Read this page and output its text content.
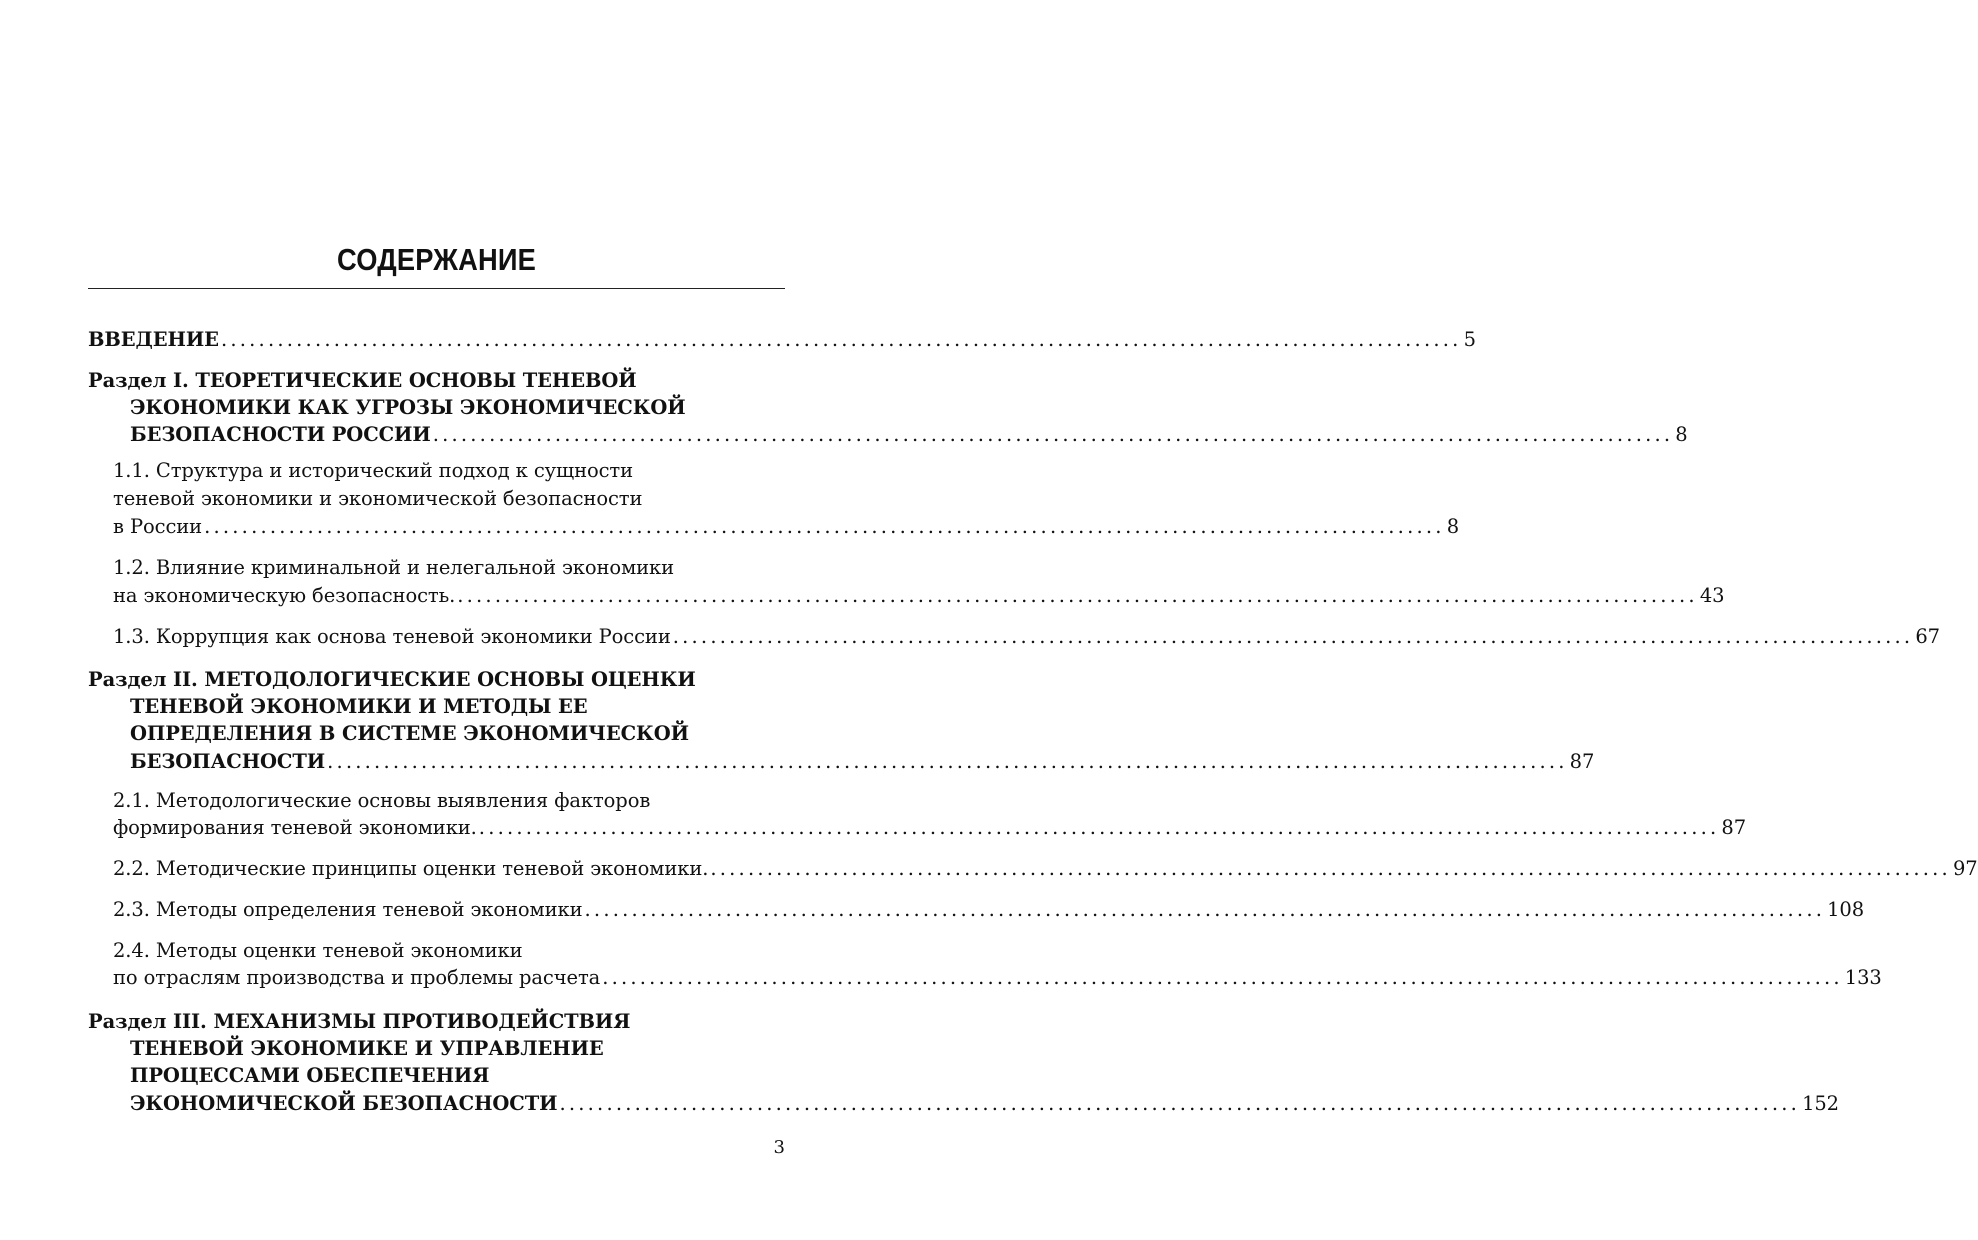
СОДЕРЖАНИЕ
ВВЕДЕНИЕ .................................................................................................................................... 5
Раздел I. ТЕОРЕТИЧЕСКИЕ ОСНОВЫ ТЕНЕВОЙ
ЭКОНОМИКИ КАК УГРОЗЫ ЭКОНОМИЧЕСКОЙ
БЕЗОПАСНОСТИ РОССИИ .................................................................................................................................... 8
1.1. Структура и исторический подход к сущности
теневой экономики и экономической безопасности
в России .................................................................................................................................... 8
1.2. Влияние криминальной и нелегальной экономики
на экономическую безопасность. .................................................................................................................................... 43
1.3. Коррупция как основа теневой экономики России .................................................................................................................................... 67
Раздел II. МЕТОДОЛОГИЧЕСКИЕ ОСНОВЫ ОЦЕНКИ
ТЕНЕВОЙ ЭКОНОМИКИ И МЕТОДЫ ЕЕ
ОПРЕДЕЛЕНИЯ В СИСТЕМЕ ЭКОНОМИЧЕСКОЙ
БЕЗОПАСНОСТИ .................................................................................................................................... 87
2.1. Методологические основы выявления факторов
формирования теневой экономики. .................................................................................................................................... 87
2.2. Методические принципы оценки теневой экономики. .................................................................................................................................... 97
2.3. Методы определения теневой экономики .................................................................................................................................... 108
2.4. Методы оценки теневой экономики
по отраслям производства и проблемы расчета .................................................................................................................................... 133
Раздел III. МЕХАНИЗМЫ ПРОТИВОДЕЙСТВИЯ
ТЕНЕВОЙ ЭКОНОМИКЕ И УПРАВЛЕНИЕ
ПРОЦЕССАМИ ОБЕСПЕЧЕНИЯ
ЭКОНОМИЧЕСКОЙ БЕЗОПАСНОСТИ .................................................................................................................................... 152
3
